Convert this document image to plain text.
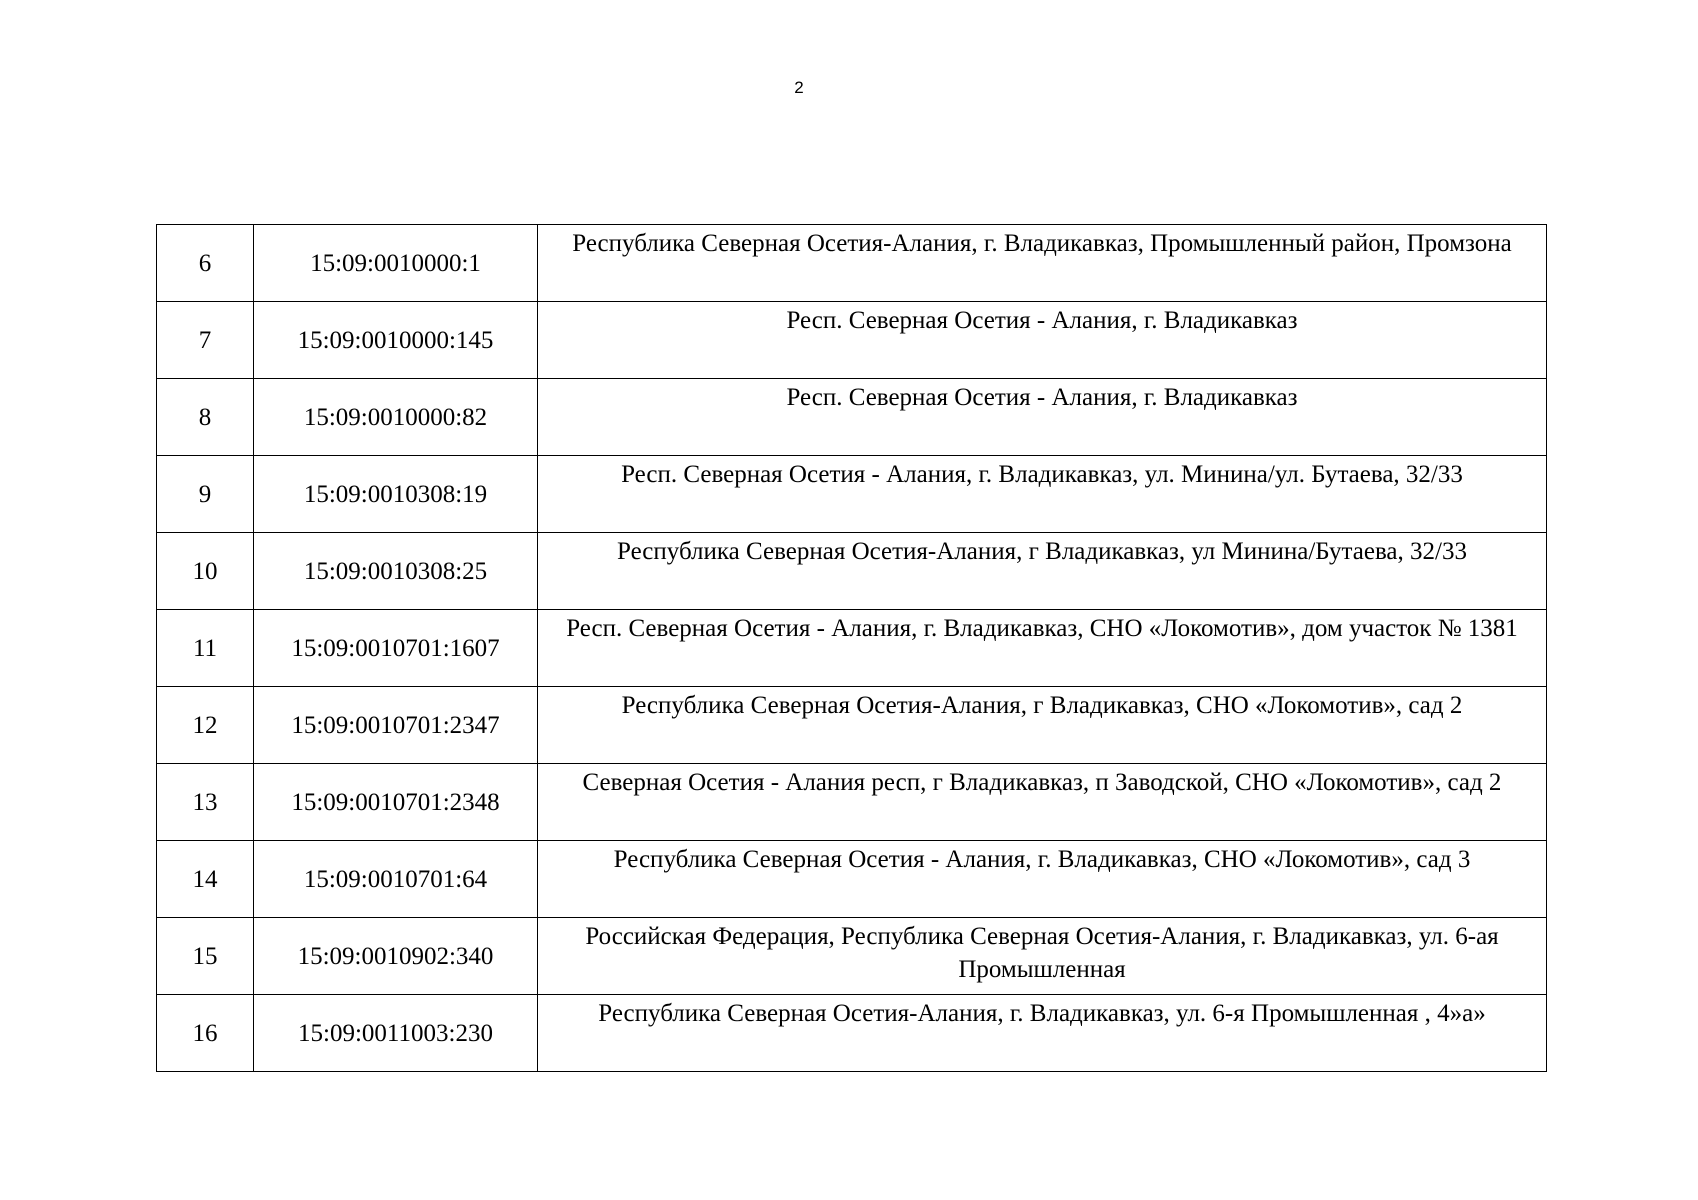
2
6	15:09:0010000:1	Республика Северная Осетия-Алания, г. Владикавказ, Промышленный район, Промзона
7	15:09:0010000:145	Респ. Северная Осетия - Алания, г. Владикавказ
8	15:09:0010000:82	Респ. Северная Осетия - Алания, г. Владикавказ
9	15:09:0010308:19	Респ. Северная Осетия - Алания, г. Владикавказ, ул. Минина/ул. Бутаева, 32/33
10	15:09:0010308:25	Республика Северная Осетия-Алания, г Владикавказ, ул Минина/Бутаева, 32/33
11	15:09:0010701:1607	Респ. Северная Осетия - Алания, г. Владикавказ, СНО «Локомотив», дом участок № 1381
12	15:09:0010701:2347	Республика Северная Осетия-Алания, г Владикавказ, СНО «Локомотив», сад 2
13	15:09:0010701:2348	Северная Осетия - Алания респ, г Владикавказ, п Заводской, СНО «Локомотив», сад 2
14	15:09:0010701:64	Республика Северная Осетия - Алания, г. Владикавказ, СНО «Локомотив», сад 3
15	15:09:0010902:340	Российская Федерация, Республика Северная Осетия-Алания, г. Владикавказ, ул. 6-ая Промышленная
16	15:09:0011003:230	Республика Северная Осетия-Алания, г. Владикавказ, ул. 6-я Промышленная , 4»а»
